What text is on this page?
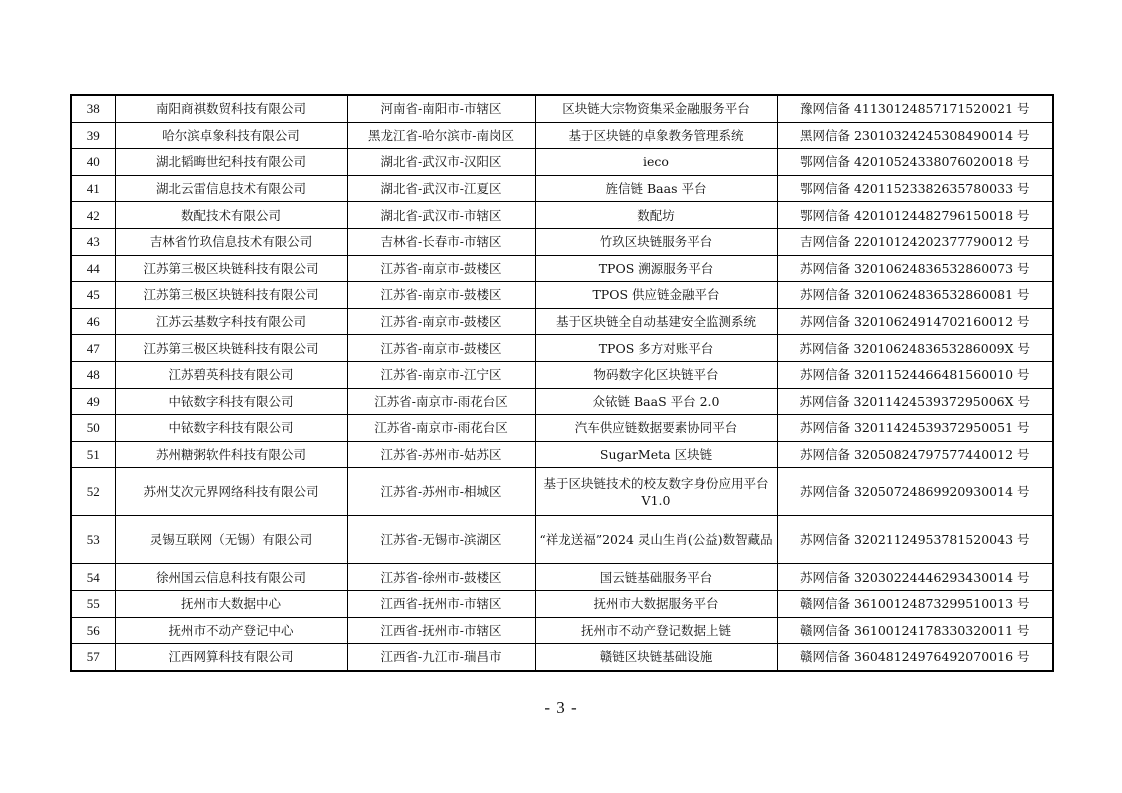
38	南阳商祺数贸科技有限公司	河南省-南阳市-市辖区	区块链大宗物资集采金融服务平台	豫网信备 41130124857171520021 号
39	哈尔滨卓象科技有限公司	黑龙江省-哈尔滨市-南岗区	基于区块链的卓象教务管理系统	黑网信备 23010324245308490014 号
40	湖北韬晦世纪科技有限公司	湖北省-武汉市-汉阳区	ieco	鄂网信备 42010524338076020018 号
41	湖北云雷信息技术有限公司	湖北省-武汉市-江夏区	旌信链 Baas 平台	鄂网信备 42011523382635780033 号
42	数配技术有限公司	湖北省-武汉市-市辖区	数配坊	鄂网信备 42010124482796150018 号
43	吉林省竹玖信息技术有限公司	吉林省-长春市-市辖区	竹玖区块链服务平台	吉网信备 22010124202377790012 号
44	江苏第三极区块链科技有限公司	江苏省-南京市-鼓楼区	TPOS 溯源服务平台	苏网信备 32010624836532860073 号
45	江苏第三极区块链科技有限公司	江苏省-南京市-鼓楼区	TPOS 供应链金融平台	苏网信备 32010624836532860081 号
46	江苏云基数字科技有限公司	江苏省-南京市-鼓楼区	基于区块链全自动基建安全监测系统	苏网信备 32010624914702160012 号
47	江苏第三极区块链科技有限公司	江苏省-南京市-鼓楼区	TPOS 多方对账平台	苏网信备 3201062483653286009X 号
48	江苏碧英科技有限公司	江苏省-南京市-江宁区	物码数字化区块链平台	苏网信备 32011524466481560010 号
49	中铱数字科技有限公司	江苏省-南京市-雨花台区	众铱链 BaaS 平台 2.0	苏网信备 3201142453937295006X 号
50	中铱数字科技有限公司	江苏省-南京市-雨花台区	汽车供应链数据要素协同平台	苏网信备 32011424539372950051 号
51	苏州糖粥软件科技有限公司	江苏省-苏州市-姑苏区	SugarMeta 区块链	苏网信备 32050824797577440012 号
52	苏州艾次元界网络科技有限公司	江苏省-苏州市-相城区	基于区块链技术的校友数字身份应用平台 V1.0	苏网信备 32050724869920930014 号
53	灵锡互联网（无锡）有限公司	江苏省-无锡市-滨湖区	“祥龙送福”2024 灵山生肖(公益)数智藏品	苏网信备 32021124953781520043 号
54	徐州国云信息科技有限公司	江苏省-徐州市-鼓楼区	国云链基础服务平台	苏网信备 32030224446293430014 号
55	抚州市大数据中心	江西省-抚州市-市辖区	抚州市大数据服务平台	赣网信备 36100124873299510013 号
56	抚州市不动产登记中心	江西省-抚州市-市辖区	抚州市不动产登记数据上链	赣网信备 36100124178330320011 号
57	江西网算科技有限公司	江西省-九江市-瑞昌市	赣链区块链基础设施	赣网信备 36048124976492070016 号
- 3 -
